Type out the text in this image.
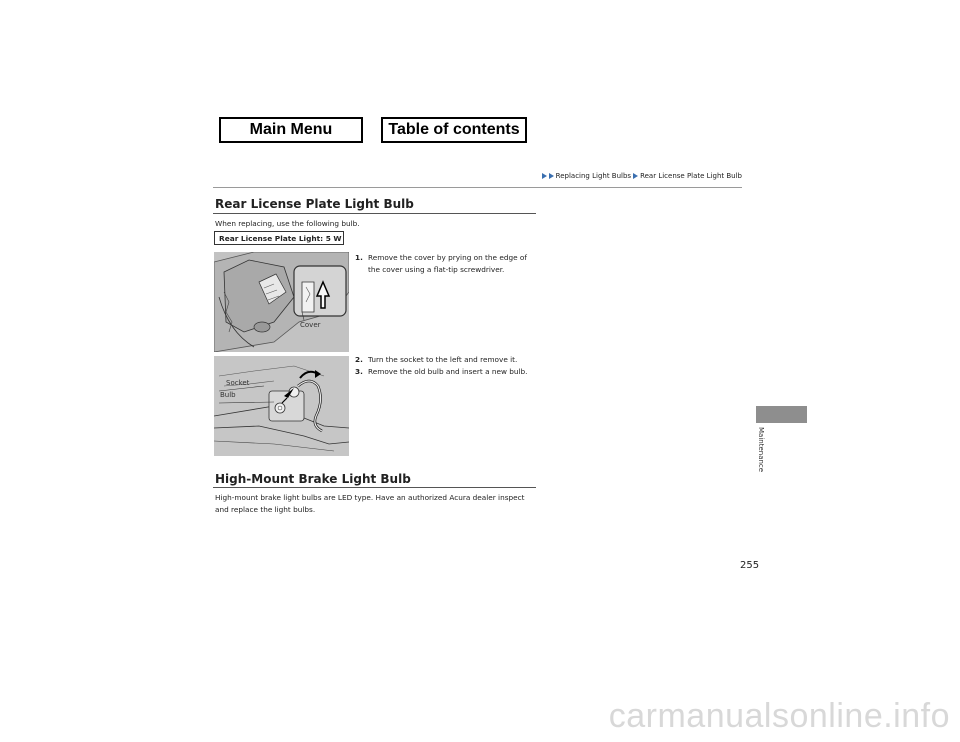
Main Menu	Table of contents
Replacing Light Bulbs Rear License Plate Light Bulb
Rear License Plate Light Bulb
When replacing, use the following bulb.
Rear License Plate Light: 5 W
1. Remove the cover by prying on the edge of the cover using a flat-tip screwdriver.
2. Turn the socket to the left and remove it.
3. Remove the old bulb and insert a new bulb.
Cover
Socket
Bulb
High-Mount Brake Light Bulb
High-mount brake light bulbs are LED type. Have an authorized Acura dealer inspect and replace the light bulbs.
Maintenance
255
carmanualsonline.info
